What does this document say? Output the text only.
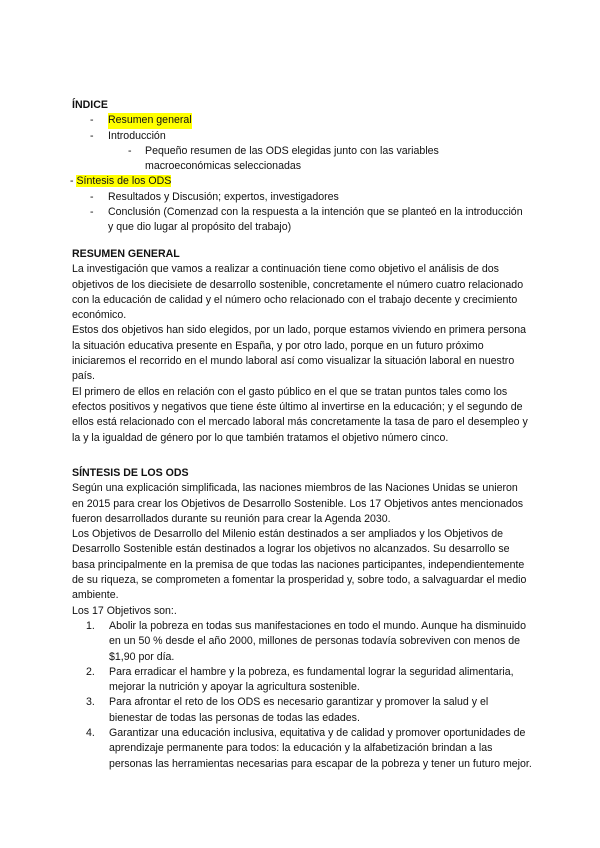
ÍNDICE
- Resumen general
- Introducción
- Pequeño resumen de las ODS elegidas junto con las variables macroeconómicas seleccionadas
- Síntesis de los ODS
- Resultados y Discusión; expertos, investigadores
- Conclusión (Comenzad con la respuesta a la intención que se planteó en la introducción y que dio lugar al propósito del trabajo)
RESUMEN GENERAL

La investigación que vamos a realizar a continuación tiene como objetivo el análisis de dos objetivos de los diecisiete de desarrollo sostenible, concretamente el número cuatro relacionado con la educación de calidad y el número ocho relacionado con el trabajo decente y crecimiento económico.

Estos dos objetivos han sido elegidos, por un lado, porque estamos viviendo en primera persona la situación educativa presente en España, y por otro lado, porque en un futuro próximo iniciaremos el recorrido en el mundo laboral así como visualizar la situación laboral en nuestro país.

El primero de ellos en relación con el gasto público en el que se tratan puntos tales como los efectos positivos y negativos que tiene éste último al invertirse en la educación; y el segundo de ellos está relacionado con el mercado laboral más concretamente la tasa de paro el desempleo y la y la igualdad de género por lo que también tratamos el objetivo número cinco.

SÍNTESIS DE LOS ODS

Según una explicación simplificada, las naciones miembros de las Naciones Unidas se unieron en 2015 para crear los Objetivos de Desarrollo Sostenible. Los 17 Objetivos antes mencionados fueron desarrollados durante su reunión para crear la Agenda 2030.

Los Objetivos de Desarrollo del Milenio están destinados a ser ampliados y los Objetivos de Desarrollo Sostenible están destinados a lograr los objetivos no alcanzados. Su desarrollo se basa principalmente en la premisa de que todas las naciones participantes, independientemente de su riqueza, se comprometen a fomentar la prosperidad y, sobre todo, a salvaguardar el medio ambiente.

Los 17 Objetivos son:.

1. Abolir la pobreza en todas sus manifestaciones en todo el mundo. Aunque ha disminuido en un 50 % desde el año 2000, millones de personas todavía sobreviven con menos de $1,90 por día.
2. Para erradicar el hambre y la pobreza, es fundamental lograr la seguridad alimentaria, mejorar la nutrición y apoyar la agricultura sostenible.
3. Para afrontar el reto de los ODS es necesario garantizar y promover la salud y el bienestar de todas las personas de todas las edades.
4. Garantizar una educación inclusiva, equitativa y de calidad y promover oportunidades de aprendizaje permanente para todos: la educación y la alfabetización brindan a las personas las herramientas necesarias para escapar de la pobreza y tener un futuro mejor.
